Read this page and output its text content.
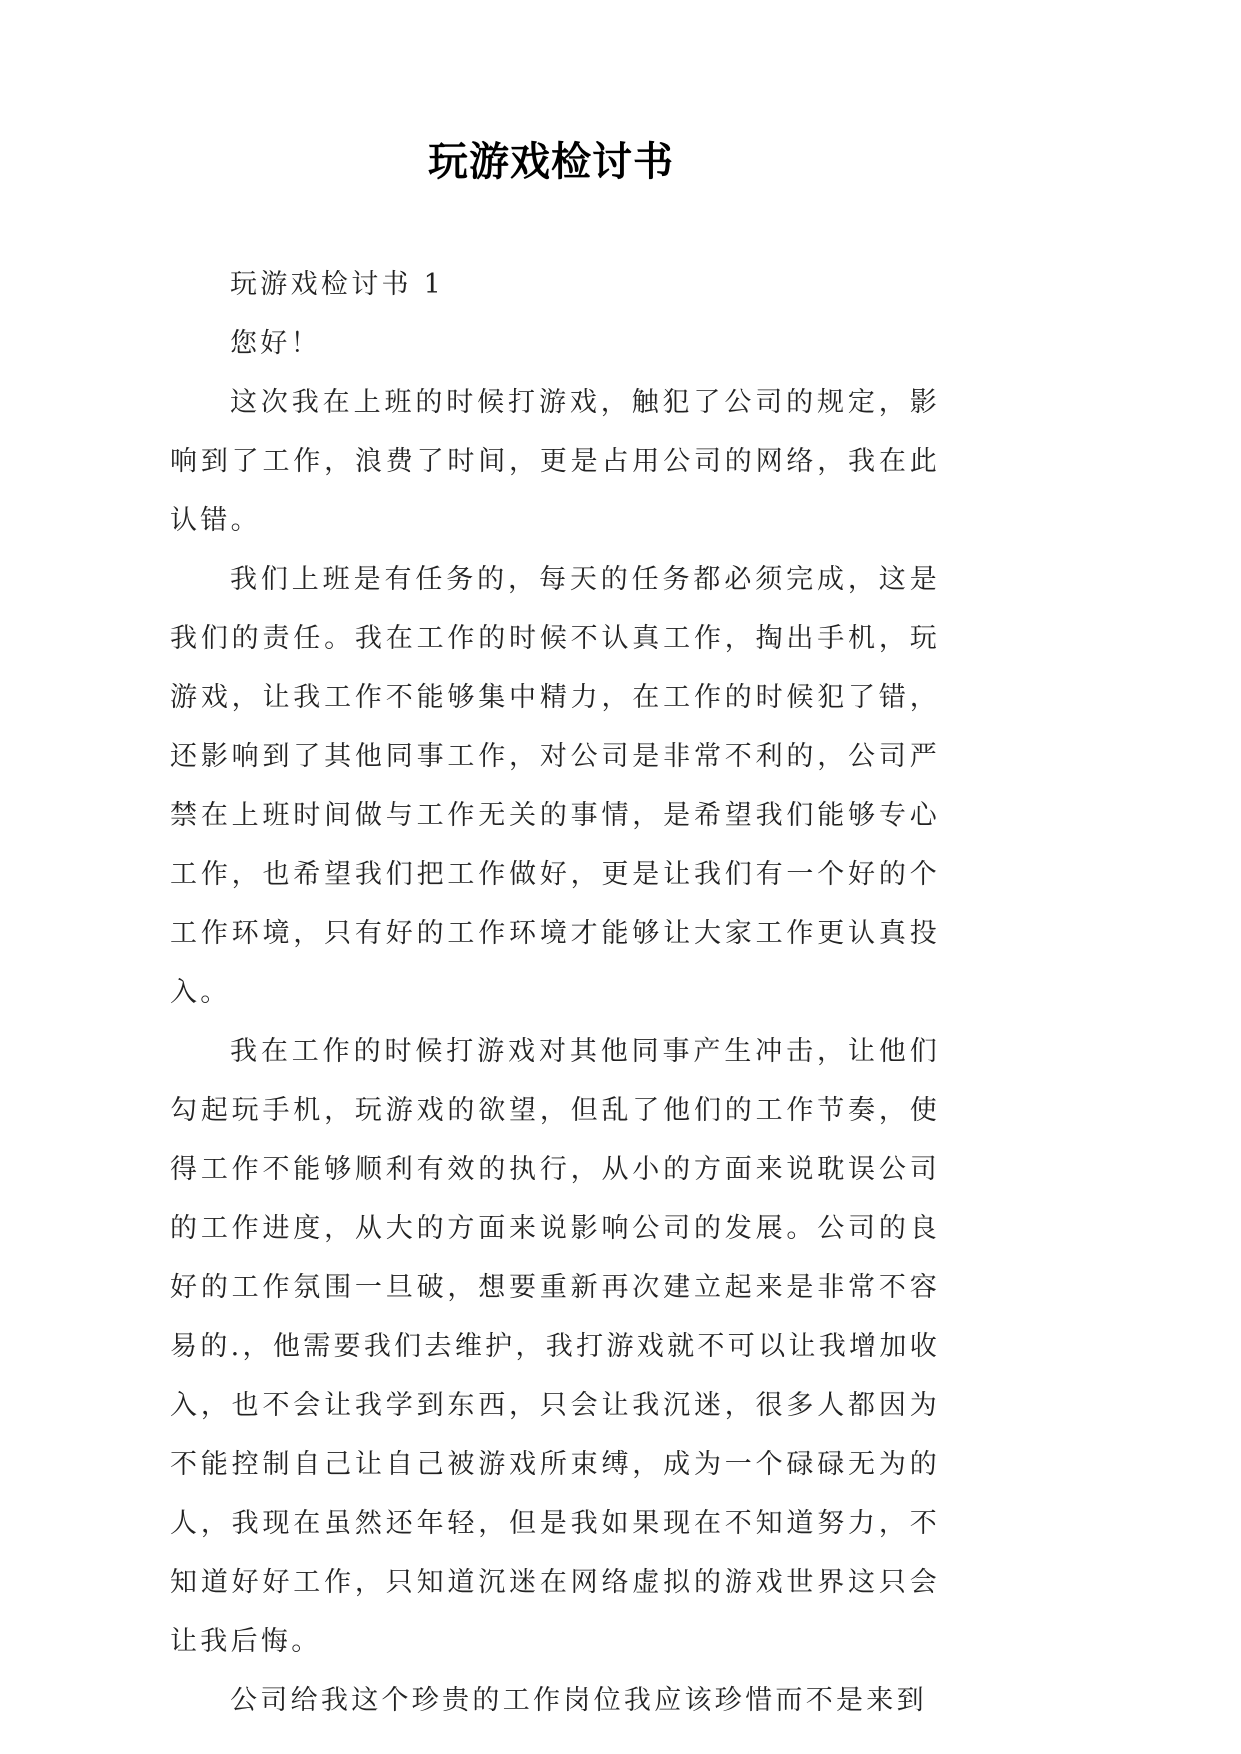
玩游戏检讨书

玩游戏检讨书 1

您好！

这次我在上班的时候打游戏，触犯了公司的规定，影响到了工作，浪费了时间，更是占用公司的网络，我在此认错。

我们上班是有任务的，每天的任务都必须完成，这是我们的责任。我在工作的时候不认真工作，掏出手机，玩游戏，让我工作不能够集中精力，在工作的时候犯了错，还影响到了其他同事工作，对公司是非常不利的，公司严禁在上班时间做与工作无关的事情，是希望我们能够专心工作，也希望我们把工作做好，更是让我们有一个好的个工作环境，只有好的工作环境才能够让大家工作更认真投入。

我在工作的时候打游戏对其他同事产生冲击，让他们勾起玩手机，玩游戏的欲望，但乱了他们的工作节奏，使得工作不能够顺利有效的执行，从小的方面来说耽误公司的工作进度，从大的方面来说影响公司的发展。公司的良好的工作氛围一旦破，想要重新再次建立起来是非常不容易的.，他需要我们去维护，我打游戏就不可以让我增加收入，也不会让我学到东西，只会让我沉迷，很多人都因为不能控制自己让自己被游戏所束缚，成为一个碌碌无为的人，我现在虽然还年轻，但是我如果现在不知道努力，不知道好好工作，只知道沉迷在网络虚拟的游戏世界这只会让我后悔。

公司给我这个珍贵的工作岗位我应该珍惜而不是来到
